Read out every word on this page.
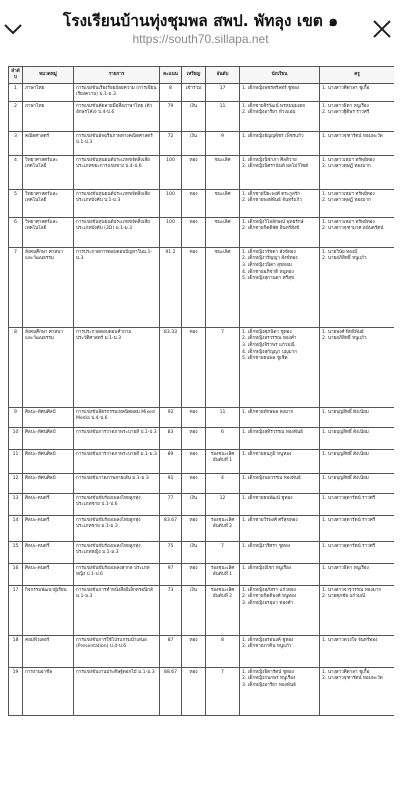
โรงเรียนบ้านทุ่งชุมพล สพป. พัทลุง เขต ๑
https://south70.sillapa.net
ลำดับ	หมวดหมู่	รายการ	คะแนน	เหรียญ	อันดับ	นักเรียน	ครู
1	ภาษาไทย	การแข่งขันเรียงร้อยถ้อยความ (การเขียนเรียงความ) ม.1-ม.3	8	เข้าร่วม	17	1. เด็กหญิงพชรสรัลทร์ ชูทอง	1. นางสาวศิดาลา ชูเกื้อ

2	ภาษาไทย	การแข่งขันคัดลายมือสื่อภาษาไทย (ตัวอักษรโค้ง) ป.4-ป.6	79	เงิน	11	1. เด็กชายจิรวัฒน์ พรหมพุ่มเตย
2. เด็กหญิงอารียา หัวงแอ่ม	1. นางสาวธิดา หนูเรือง
2. นางสาวฐิติพร ราวศรี

3	คณิตศาสตร์	การแข่งขันอัจฉริยภาพทางคณิตศาสตร์ ป.1-ป.3	72	เงิน	9	1. เด็กหญิงธัญญพัชร เพ็ชรแก้ว	1. นางสาวจุฑารัตน์ หอมพะวัด

4	วิทยาศาสตร์และเทคโนโลยี	การแข่งขันหุ่นยนต์ประเภทขจัดสิ่งเสีย ประเภทขยะการแข่งขาง ป.4-ป.6	100	ทอง	ชนะเลิศ	1. เด็กหญิงนิชาภา ศิลสิวาย
2. เด็กหญิงนิศรานันท์ ผลโม่ว์ไซต์	1. นางสาวเหม่ฯ ทรัพย์ทอง
2. นางสาวดุษฎี ทองมาก

5	วิทยาศาสตร์และเทคโนโลยี	การแข่งขันหุ่นยนต์ประเภทขจัดสิ่งเสีย ประเภทบังคับ ป.1-ม.3	100	ทอง	ชนะเลิศ	1. เด็กชายปิยะพงศ์ ตระกูลรัก
2. เด็กชายพงษ์พันธ์ จันทร์แก้ว	1. นางสาวเหม่ฯ ทรัพย์ทอง
2. นางสาวดุษฎี ทองมาก

6	วิทยาศาสตร์และเทคโนโลยี	การแข่งขันหุ่นยนต์ประเภทขจัดสิ่งเสีย ประเภทบังคับ (3D) ม.1-ม.3	100	ทอง	ชนะเลิศ	1. เด็กหญิงวิไลลักษณ์ พุทธรักษ์
2. เด็กชายกิตติพัศ อินทร์สังข์	1. นางสาวเหม่ฯ ทรัพย์ทอง
2. นางสาวจุฑามาศ อนันตรัตน์

7	สังคมศึกษา ศาสนาและวัฒนธรรม	การประกวดการตอบตอบปัญหาในม.1-ม.3	91.2	ทอง	ชนะเลิศ	1. เด็กหญิงวรัชดา สังข์ทอง
2. เด็กหญิงวรัญญา สังข์ทอง
3. เด็กหญิงวนิดา สุขหอม
4. เด็กชายอภิชาติ หนูทอง
5. เด็กหญิงสุกานดา ศรีสุข	1. นายวินัย ทองมี
2. นายอภิสิทธิ์ หนูแก้ว

8	สังคมศึกษา ศาสนาและวัฒนธรรม	การประกวดตอบตอบคำถามประวัติศาสตร์ ม.1-ม.3	83.33	ทอง	7	1. เด็กหญิงศุภนิดา ชูทอง
2. เด็กหญิงอรวรรณ ทองคำ
3. เด็กหญิงจิราพร แก้วมณี
4. เด็กหญิงสุกัญญา บุญมาก
5. เด็กชายธนพล ชูเชิด	1. นายพงศ์ พิทธิพันธ์
2. นายอภิสิทธิ์ หนูแก้ว

9	ศิลปะ-ทัศนศิลป์	การแข่งขันจิตรกรรมเทคนิคผสม Mixed Media ป.4-ป.6	92	ทอง	11	1. เด็กชายทักษพล คงมาก	1. นายบุญสิทธิ์ ดังเนียม

10	ศิลปะ-ทัศนศิลป์	การแข่งขันการวาดภาพระบายสี ป.1-ป.3	83	ทอง	6	1. เด็กหญิงสุทิรวรรณ ทองพันธ์	1. นายบุญสิทธิ์ ดังเนียม

11	ศิลปะ-ทัศนศิลป์	การแข่งขันการวาดภาพระบายสี ม.1-ม.3	89	ทอง	รองชนะเลิศอันดับที่ 1	1. เด็กชายธนภูมิ หนูทอง	1. นายบุญสิทธิ์ ดังเนียม

12	ศิลปะ-ทัศนศิลป์	การแข่งขันวาดภาพลายเส้น ม.1-ม.3	91	ทอง	4	1. เด็กหญิงนพวรรณ ทองพันธ์	1. นายบุญสิทธิ์ ดังเนียม

13	ศิลปะ-ดนตรี	การแข่งขันขับร้องเพลงไทยลูกทุ่ง ประเภทชาย ป.1-ป.6	77	เงิน	12	1. เด็กชายธนพัฒน์ ชูทอง	1. นางสาวสุดารัตน์ ราวศรี

14	ศิลปะ-ดนตรี	การแข่งขันขับร้องเพลงไทยลูกทุ่ง ประเภทชาย ม.1-ม.3	83.67	ทอง	รองชนะเลิศอันดับที่ 2	1. เด็กชายวีรพงศ์ ศรีสุขทอง	1. นางสาวสุดารัตน์ ราวศรี

15	ศิลปะ-ดนตรี	การแข่งขันขับร้องเพลงไทยลูกทุ่ง ประเภทหญิง ม.1-ม.3	75	เงิน	7	1. เด็กหญิงวริศรา ชูทอง	1. นางสาวสุดารัตน์ ราวศรี

16	ศิลปะ-ดนตรี	การแข่งขันขับร้องเพลงสากล ประเภทหญิง ป.1-ป.6	97	ทอง	รองชนะเลิศอันดับที่ 1	1. เด็กหญิงณิชา หนูเรือง	1. นางสาวธิดา หนูเรือง

17	กิจกรรมพัฒนาผู้เรียน	การแข่งขันการทำหนังสืออิเล็กทรอนิกส์ ม.1-ม.3	73	เงิน	รองชนะเลิศอันดับที่ 2	1. เด็กหญิงสุภัสรา แก้วทอง
2. เด็กชายกิตติพงศ์ หนูทอง
3. เด็กหญิงอรอุมา ทองคำ	1. นางสาวจารุวรรณ ทองมาก
2. นายศุภชัย แก้วมณี

18	คอมพิวเตอร์	การแข่งขันการใช้โปรแกรมนำเสนอ (Presentation) ป.4-ป.6	87	ทอง	8	1. เด็กหญิงอรอนงค์ ชูทอง
2. เด็กชายภาคิน หนูแก้ว	1. นางสาวดวงใจ จันทร์ทอง

19	การงานอาชีพ	การแข่งขันงานประดิษฐ์ดอกไม้ ม.1-ม.3	88.67	ทอง	7	1. เด็กหญิงธิดารัตน์ ชูทอง
2. เด็กหญิงกนกพร หนูเรือง
3. เด็กหญิงอารียา ทองพันธ์	1. นางสาวศิดาลา ชูเกื้อ
2. นางสาวจุฑารัตน์ หอมพะวัด
